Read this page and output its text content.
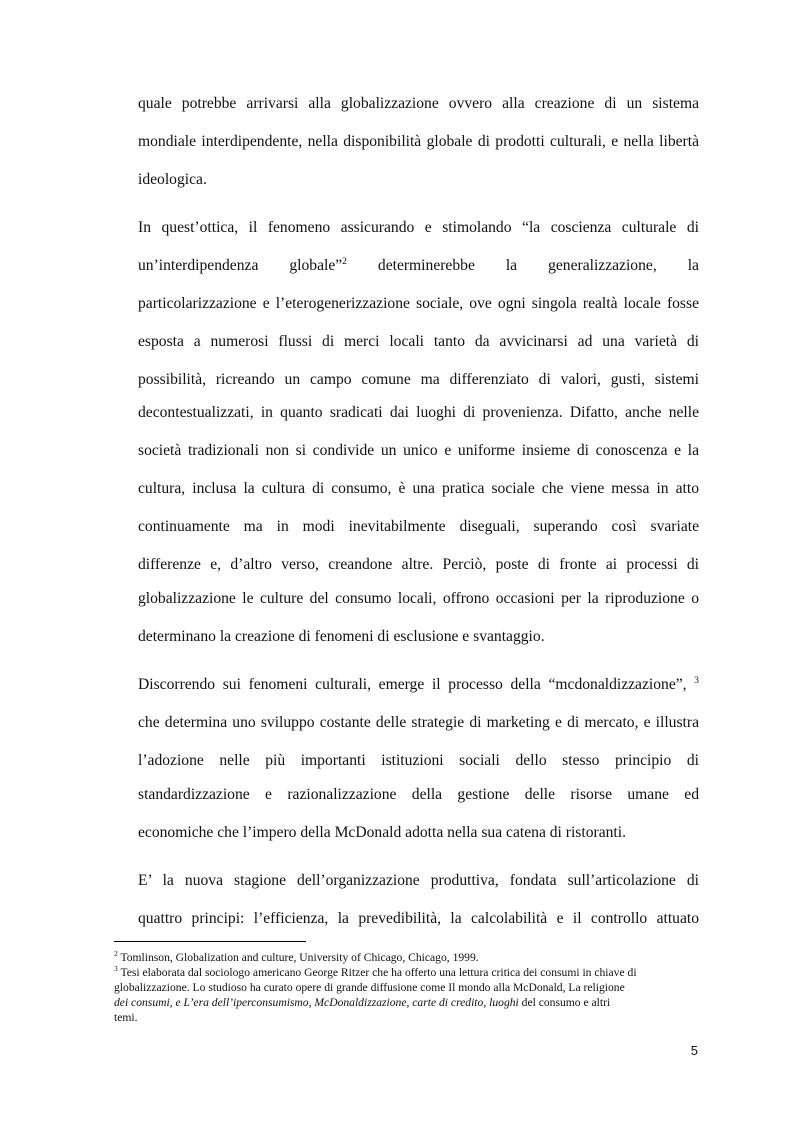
quale potrebbe arrivarsi alla globalizzazione ovvero alla creazione di un sistema
mondiale interdipendente, nella disponibilità globale di prodotti culturali, e nella libertà
ideologica.
In quest’ottica, il fenomeno assicurando e stimolando “la coscienza culturale di
un’interdipendenza globale”$^2$ determinerebbe la generalizzazione, la
particolarizzazione e l’eterogenerizzazione sociale, ove ogni singola realtà locale fosse
esposta a numerosi flussi di merci locali tanto da avvicinarsi ad una varietà di
possibilità, ricreando un campo comune ma differenziato di valori, gusti, sistemi
decontestualizzati, in quanto sradicati dai luoghi di provenienza. Difatto, anche nelle
società tradizionali non si condivide un unico e uniforme insieme di conoscenza e la
cultura, inclusa la cultura di consumo, è una pratica sociale che viene messa in atto
continuamente ma in modi inevitabilmente diseguali, superando così svariate
differenze e, d’altro verso, creandone altre. Perciò, poste di fronte ai processi di
globalizzazione le culture del consumo locali, offrono occasioni per la riproduzione o
determinano la creazione di fenomeni di esclusione e svantaggio.
Discorrendo sui fenomeni culturali, emerge il processo della “mcdonaldizzazione”, $^3$
che determina uno sviluppo costante delle strategie di marketing e di mercato, e illustra
l’adozione nelle più importanti istituzioni sociali dello stesso principio di
standardizzazione e razionalizzazione della gestione delle risorse umane ed
economiche che l’impero della McDonald adotta nella sua catena di ristoranti.
E’ la nuova stagione dell’organizzazione produttiva, fondata sull’articolazione di
quattro principi: l’efficienza, la prevedibilità, la calcolabilità e il controllo attuato
$^2$ Tomlinson, Globalization and culture, University of Chicago, Chicago, 1999.
$^3$ Tesi elaborata dal sociologo americano George Ritzer che ha offerto una lettura critica dei consumi in chiave di
globalizzazione. Lo studioso ha curato opere di grande diffusione come Il mondo alla McDonald, La religione
dei consumi, e L’era dell’iperconsumismo, McDonaldizzazione, carte di credito, luoghi del consumo e altri
temi.
5
